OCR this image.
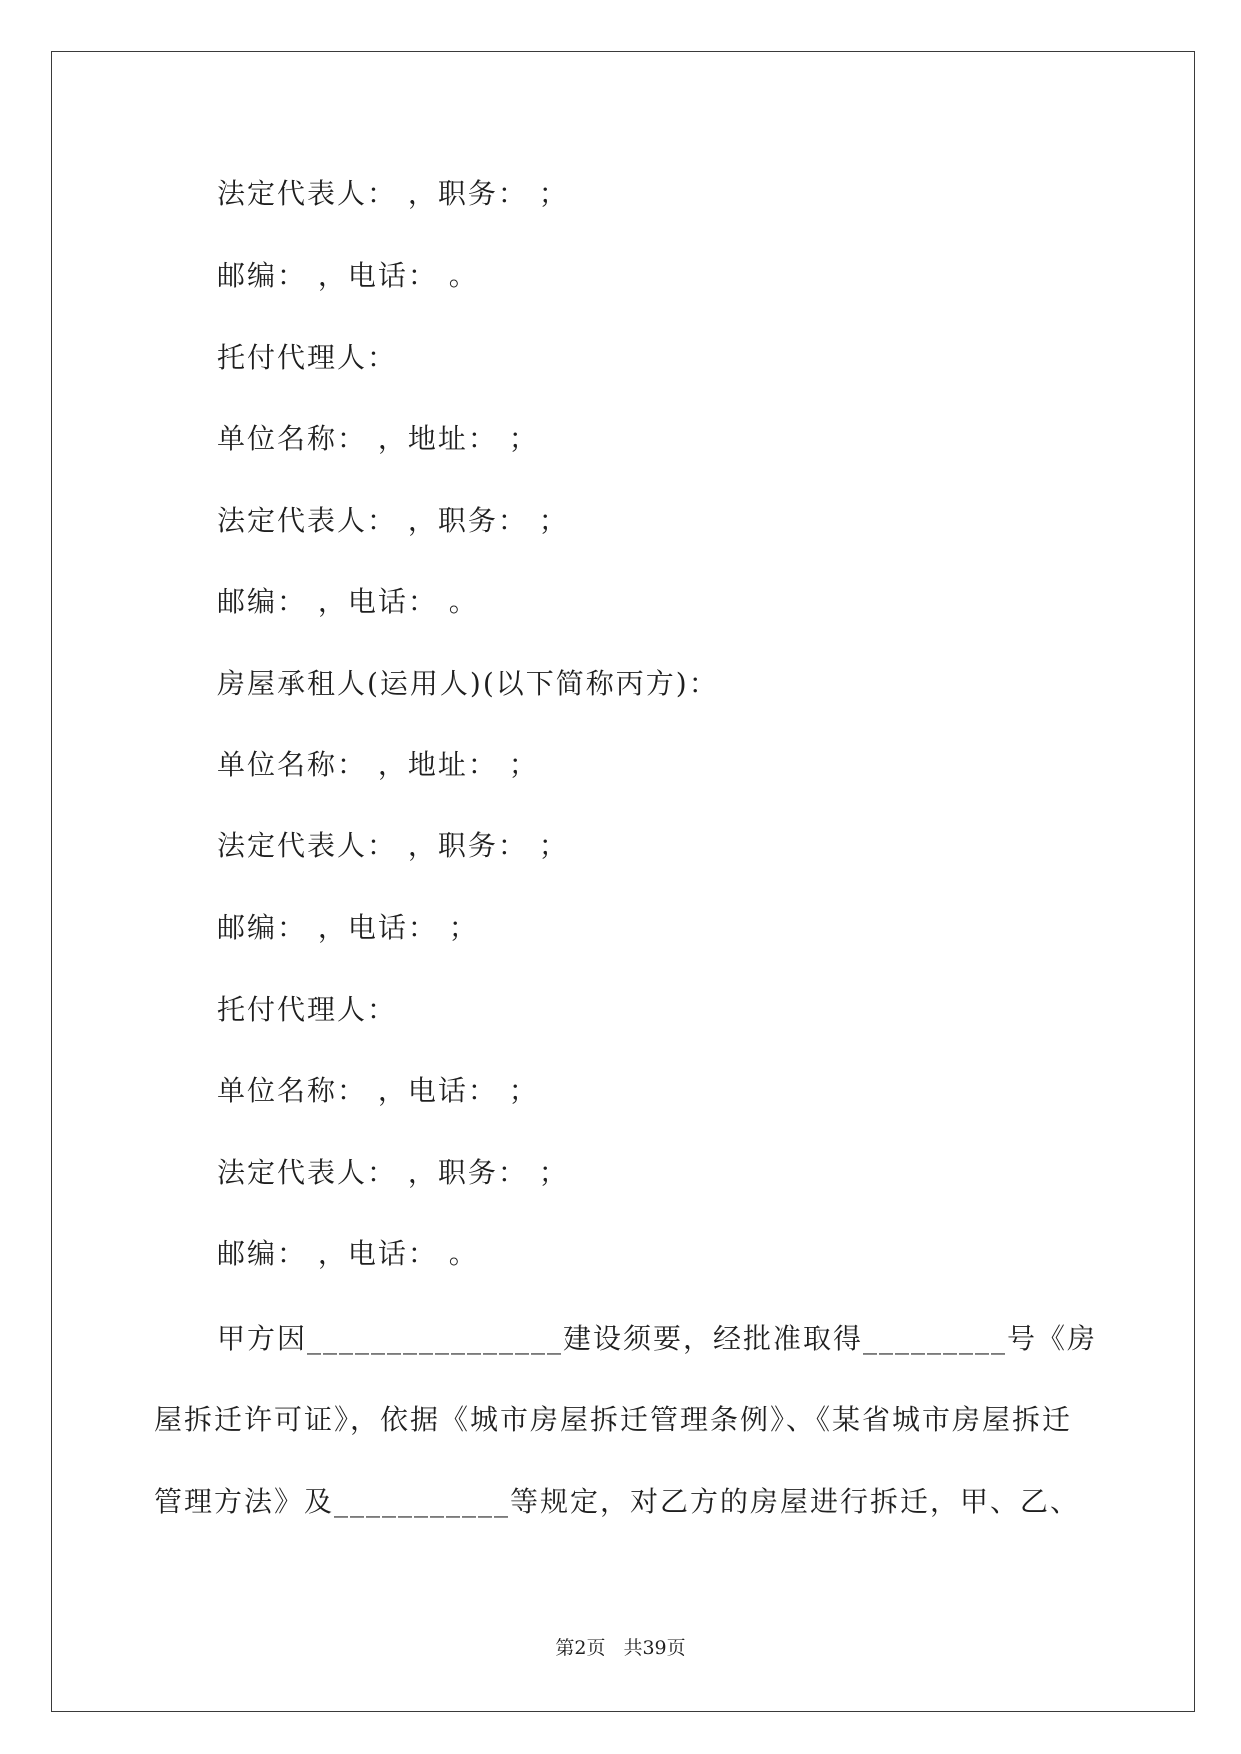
法定代表人： ，职务： ；
邮编： ，电话： 。
托付代理人：
单位名称： ，地址： ；
法定代表人： ，职务： ；
邮编： ，电话： 。
房屋承租人(运用人)(以下简称丙方)：
单位名称： ，地址： ；
法定代表人： ，职务： ；
邮编： ，电话： ；
托付代理人：
单位名称： ，电话： ；
法定代表人： ，职务： ；
邮编： ，电话： 。
甲方因________________建设须要，经批准取得_________号《房
屋拆迁许可证》，依据《城市房屋拆迁管理条例》、《某省城市房屋拆迁
管理方法》及___________等规定，对乙方的房屋进行拆迁，甲、乙、
第2页 共39页
